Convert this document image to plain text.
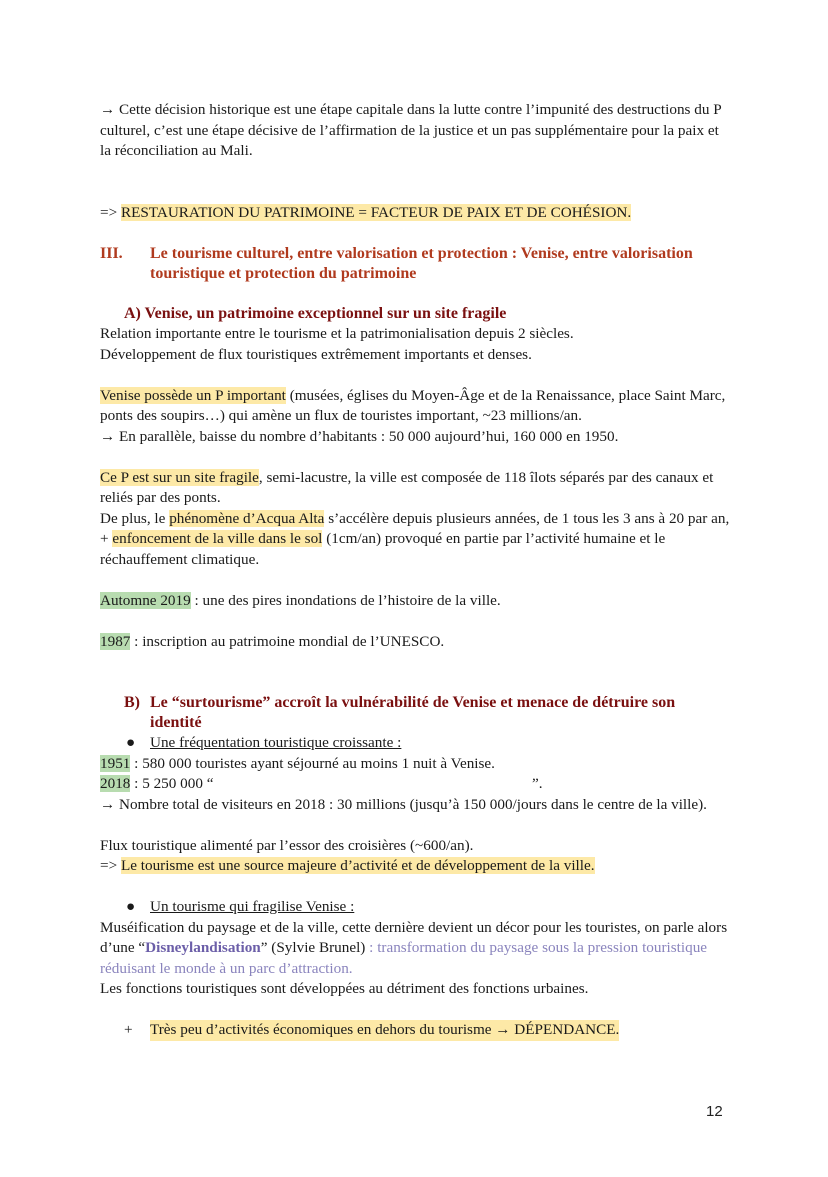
→ Cette décision historique est une étape capitale dans la lutte contre l’impunité des destructions du P culturel, c’est une étape décisive de l’affirmation de la justice et un pas supplémentaire pour la paix et la réconciliation au Mali.

=> RESTAURATION DU PATRIMOINE = FACTEUR DE PAIX ET DE COHÉSION.

III.	Le tourisme culturel, entre valorisation et protection : Venise, entre valorisation touristique et protection du patrimoine
A) Venise, un patrimoine exceptionnel sur un site fragile

Relation importante entre le tourisme et la patrimonialisation depuis 2 siècles.

Développement de flux touristiques extrêmement importants et denses.

Venise possède un P important (musées, églises du Moyen-Âge et de la Renaissance, place Saint Marc, ponts des soupirs…) qui amène un flux de touristes important, ~23 millions/an.

→ En parallèle, baisse du nombre d’habitants : 50 000 aujourd’hui, 160 000 en 1950.

Ce P est sur un site fragile, semi-lacustre, la ville est composée de 118 îlots séparés par des canaux et reliés par des ponts.

De plus, le phénomène d’Acqua Alta s’accélère depuis plusieurs années, de 1 tous les 3 ans à 20 par an, + enfoncement de la ville dans le sol (1cm/an) provoqué en partie par l’activité humaine et le réchauffement climatique.

Automne 2019 : une des pires inondations de l’histoire de la ville.

1987 : inscription au patrimoine mondial de l’UNESCO.

B) Le “surtourisme” accroît la vulnérabilité de Venise et menace de détruire son identité
● Une fréquentation touristique croissante :

1951 : 580 000 touristes ayant séjourné au moins 1 nuit à Venise.

2018 : 5 250 000 “	”.

→ Nombre total de visiteurs en 2018 : 30 millions (jusqu’à 150 000/jours dans le centre de la ville).

Flux touristique alimenté par l’essor des croisières (~600/an).

=> Le tourisme est une source majeure d’activité et de développement de la ville.

● Un tourisme qui fragilise Venise :

Muséification du paysage et de la ville, cette dernière devient un décor pour les touristes, on parle alors d’une “Disneylandisation” (Sylvie Brunel) : transformation du paysage sous la pression touristique réduisant le monde à un parc d’attraction.

Les fonctions touristiques sont développées au détriment des fonctions urbaines.

+	Très peu d’activités économiques en dehors du tourisme → DÉPENDANCE.
12
